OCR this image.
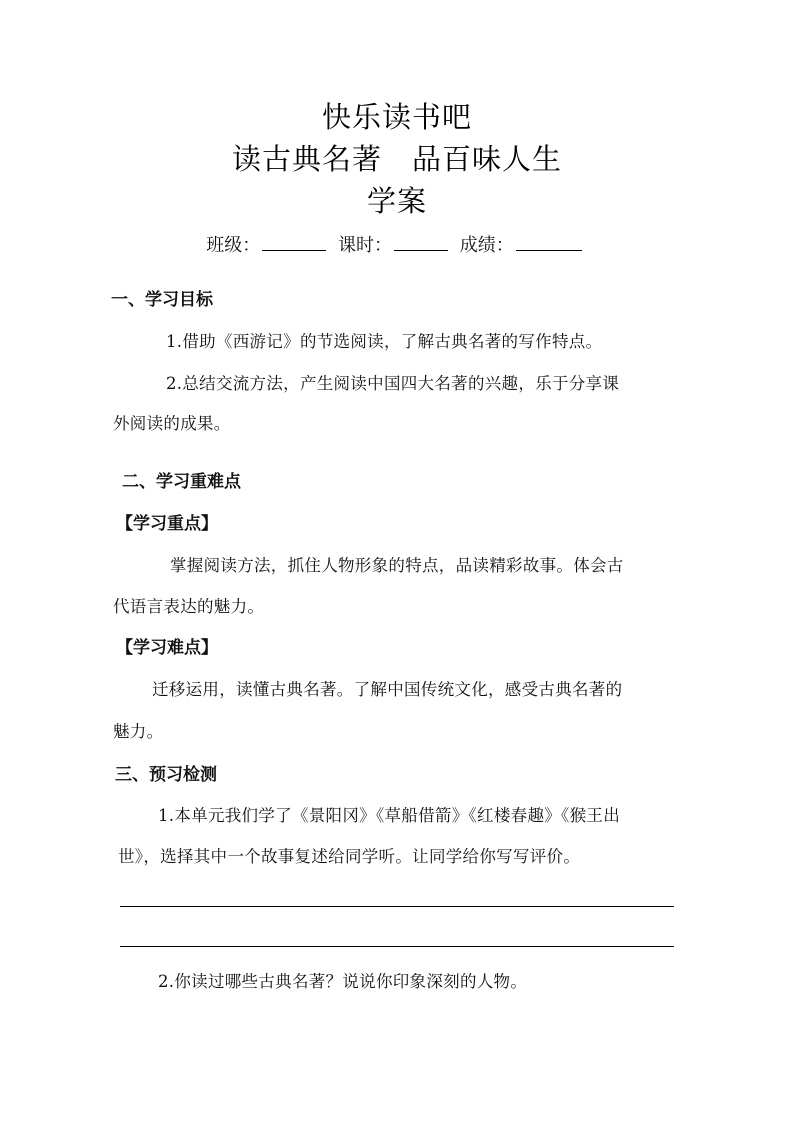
快乐读书吧
读古典名著　品百味人生
学案
班级：	课时：	成绩：
一、学习目标
1.借助《西游记》的节选阅读，了解古典名著的写作特点。
2.总结交流方法，产生阅读中国四大名著的兴趣，乐于分享课
外阅读的成果。
二、学习重难点
【学习重点】
掌握阅读方法，抓住人物形象的特点，品读精彩故事。体会古
代语言表达的魅力。
【学习难点】
迁移运用，读懂古典名著。了解中国传统文化，感受古典名著的
魅力。
三、预习检测
1.本单元我们学了《景阳冈》《草船借箭》《红楼春趣》《猴王出
世》，选择其中一个故事复述给同学听。让同学给你写写评价。
2.你读过哪些古典名著？说说你印象深刻的人物。
